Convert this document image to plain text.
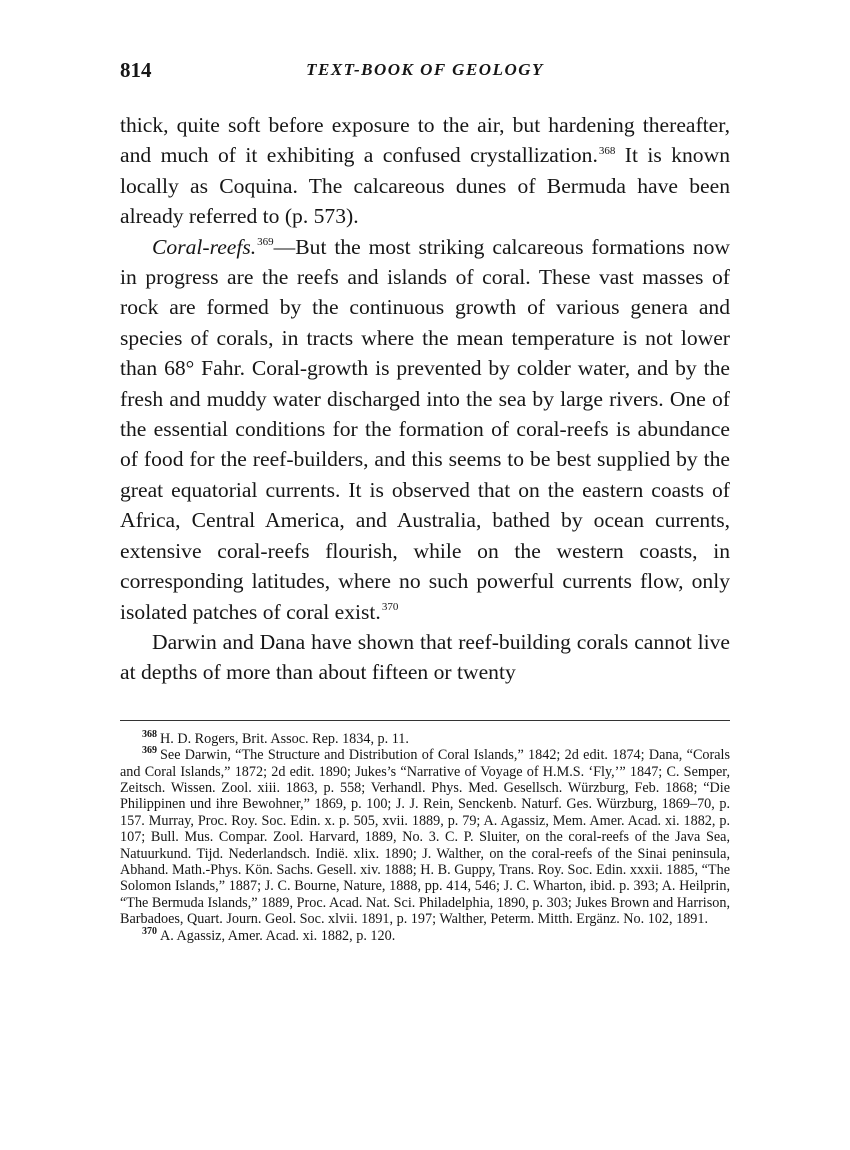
814	TEXT-BOOK OF GEOLOGY

thick, quite soft before exposure to the air, but hardening thereafter, and much of it exhibiting a confused crystallization.$^{368}$ It is known locally as Coquina. The calcareous dunes of Bermuda have been already referred to (p. 573).

Coral-reefs.$^{369}$—But the most striking calcareous formations now in progress are the reefs and islands of coral. These vast masses of rock are formed by the continuous growth of various genera and species of corals, in tracts where the mean temperature is not lower than 68° Fahr. Coral-growth is prevented by colder water, and by the fresh and muddy water discharged into the sea by large rivers. One of the essential conditions for the formation of coral-reefs is abundance of food for the reef-builders, and this seems to be best supplied by the great equatorial currents. It is observed that on the eastern coasts of Africa, Central America, and Australia, bathed by ocean currents, extensive coral-reefs flourish, while on the western coasts, in corresponding latitudes, where no such powerful currents flow, only isolated patches of coral exist.$^{370}$

Darwin and Dana have shown that reef-building corals cannot live at depths of more than about fifteen or twenty

$^{368}$ H. D. Rogers, Brit. Assoc. Rep. 1834, p. 11.

$^{369}$ See Darwin, “The Structure and Distribution of Coral Islands,” 1842; 2d edit. 1874; Dana, “Corals and Coral Islands,” 1872; 2d edit. 1890; Jukes’s “Narrative of Voyage of H.M.S. ‘Fly,’” 1847; C. Semper, Zeitsch. Wissen. Zool. xiii. 1863, p. 558; Verhandl. Phys. Med. Gesellsch. Würzburg, Feb. 1868; “Die Philippinen und ihre Bewohner,” 1869, p. 100; J. J. Rein, Senckenb. Naturf. Ges. Würzburg, 1869–70, p. 157. Murray, Proc. Roy. Soc. Edin. x. p. 505, xvii. 1889, p. 79; A. Agassiz, Mem. Amer. Acad. xi. 1882, p. 107; Bull. Mus. Compar. Zool. Harvard, 1889, No. 3. C. P. Sluiter, on the coral-reefs of the Java Sea, Natuurkund. Tijd. Nederlandsch. Indië. xlix. 1890; J. Walther, on the coral-reefs of the Sinai peninsula, Abhand. Math.-Phys. Kön. Sachs. Gesell. xiv. 1888; H. B. Guppy, Trans. Roy. Soc. Edin. xxxii. 1885, “The Solomon Islands,” 1887; J. C. Bourne, Nature, 1888, pp. 414, 546; J. C. Wharton, ibid. p. 393; A. Heilprin, “The Bermuda Islands,” 1889, Proc. Acad. Nat. Sci. Philadelphia, 1890, p. 303; Jukes Brown and Harrison, Barbadoes, Quart. Journ. Geol. Soc. xlvii. 1891, p. 197; Walther, Peterm. Mitth. Ergänz. No. 102, 1891.

$^{370}$ A. Agassiz, Amer. Acad. xi. 1882, p. 120.
